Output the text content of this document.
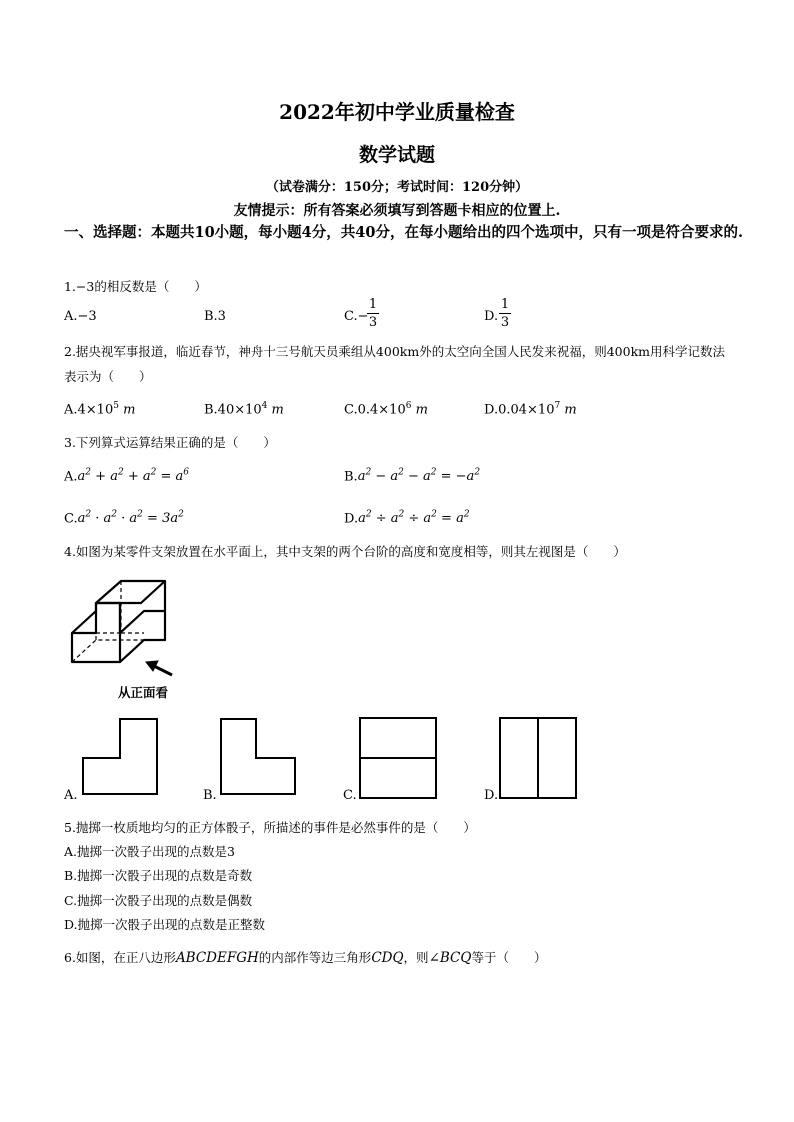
2022年初中学业质量检查
数学试题
（试卷满分：150分；考试时间：120分钟）
友情提示：所有答案必须填写到答题卡相应的位置上.
一、选择题：本题共10小题，每小题4分，共40分，在每小题给出的四个选项中，只有一项是符合要求的.
1.−3的相反数是（　　）
A.−3	B.3	C.−
1
3	D.
1
3
2.据央视军事报道，临近春节，神舟十三号航天员乘组从400km外的太空向全国人民发来祝福，则400km用科学记数法表示为（　　）
$A.4\times 10^5$ m	$B.40\times 10^4$ m	$C.0.4\times 10^6$ m	$D.0.04\times 10^7$ m
3.下列算式运算结果正确的是（　　）
$A.a^2 + a^2 + a^2 = a^6$	$B.a^2 - a^2 - a^2 = -a^2$
$C.a^2 \cdot a^2 \cdot a^2 = 3a^2$	$D.a^2 \div a^2 \div a^2 = a^2$
4.如图为某零件支架放置在水平面上，其中支架的两个台阶的高度和宽度相等，则其左视图是（　　）
从正面看
A.	B.	C.	D.
5.抛掷一枚质地均匀的正方体骰子，所描述的事件是必然事件的是（　　）
A.抛掷一次骰子出现的点数是3
B.抛掷一次骰子出现的点数是奇数
C.抛掷一次骰子出现的点数是偶数
D.抛掷一次骰子出现的点数是正整数
6.如图，在正八边形ABCDEFGH的内部作等边三角形CDQ，则∠BCQ等于（　　）
